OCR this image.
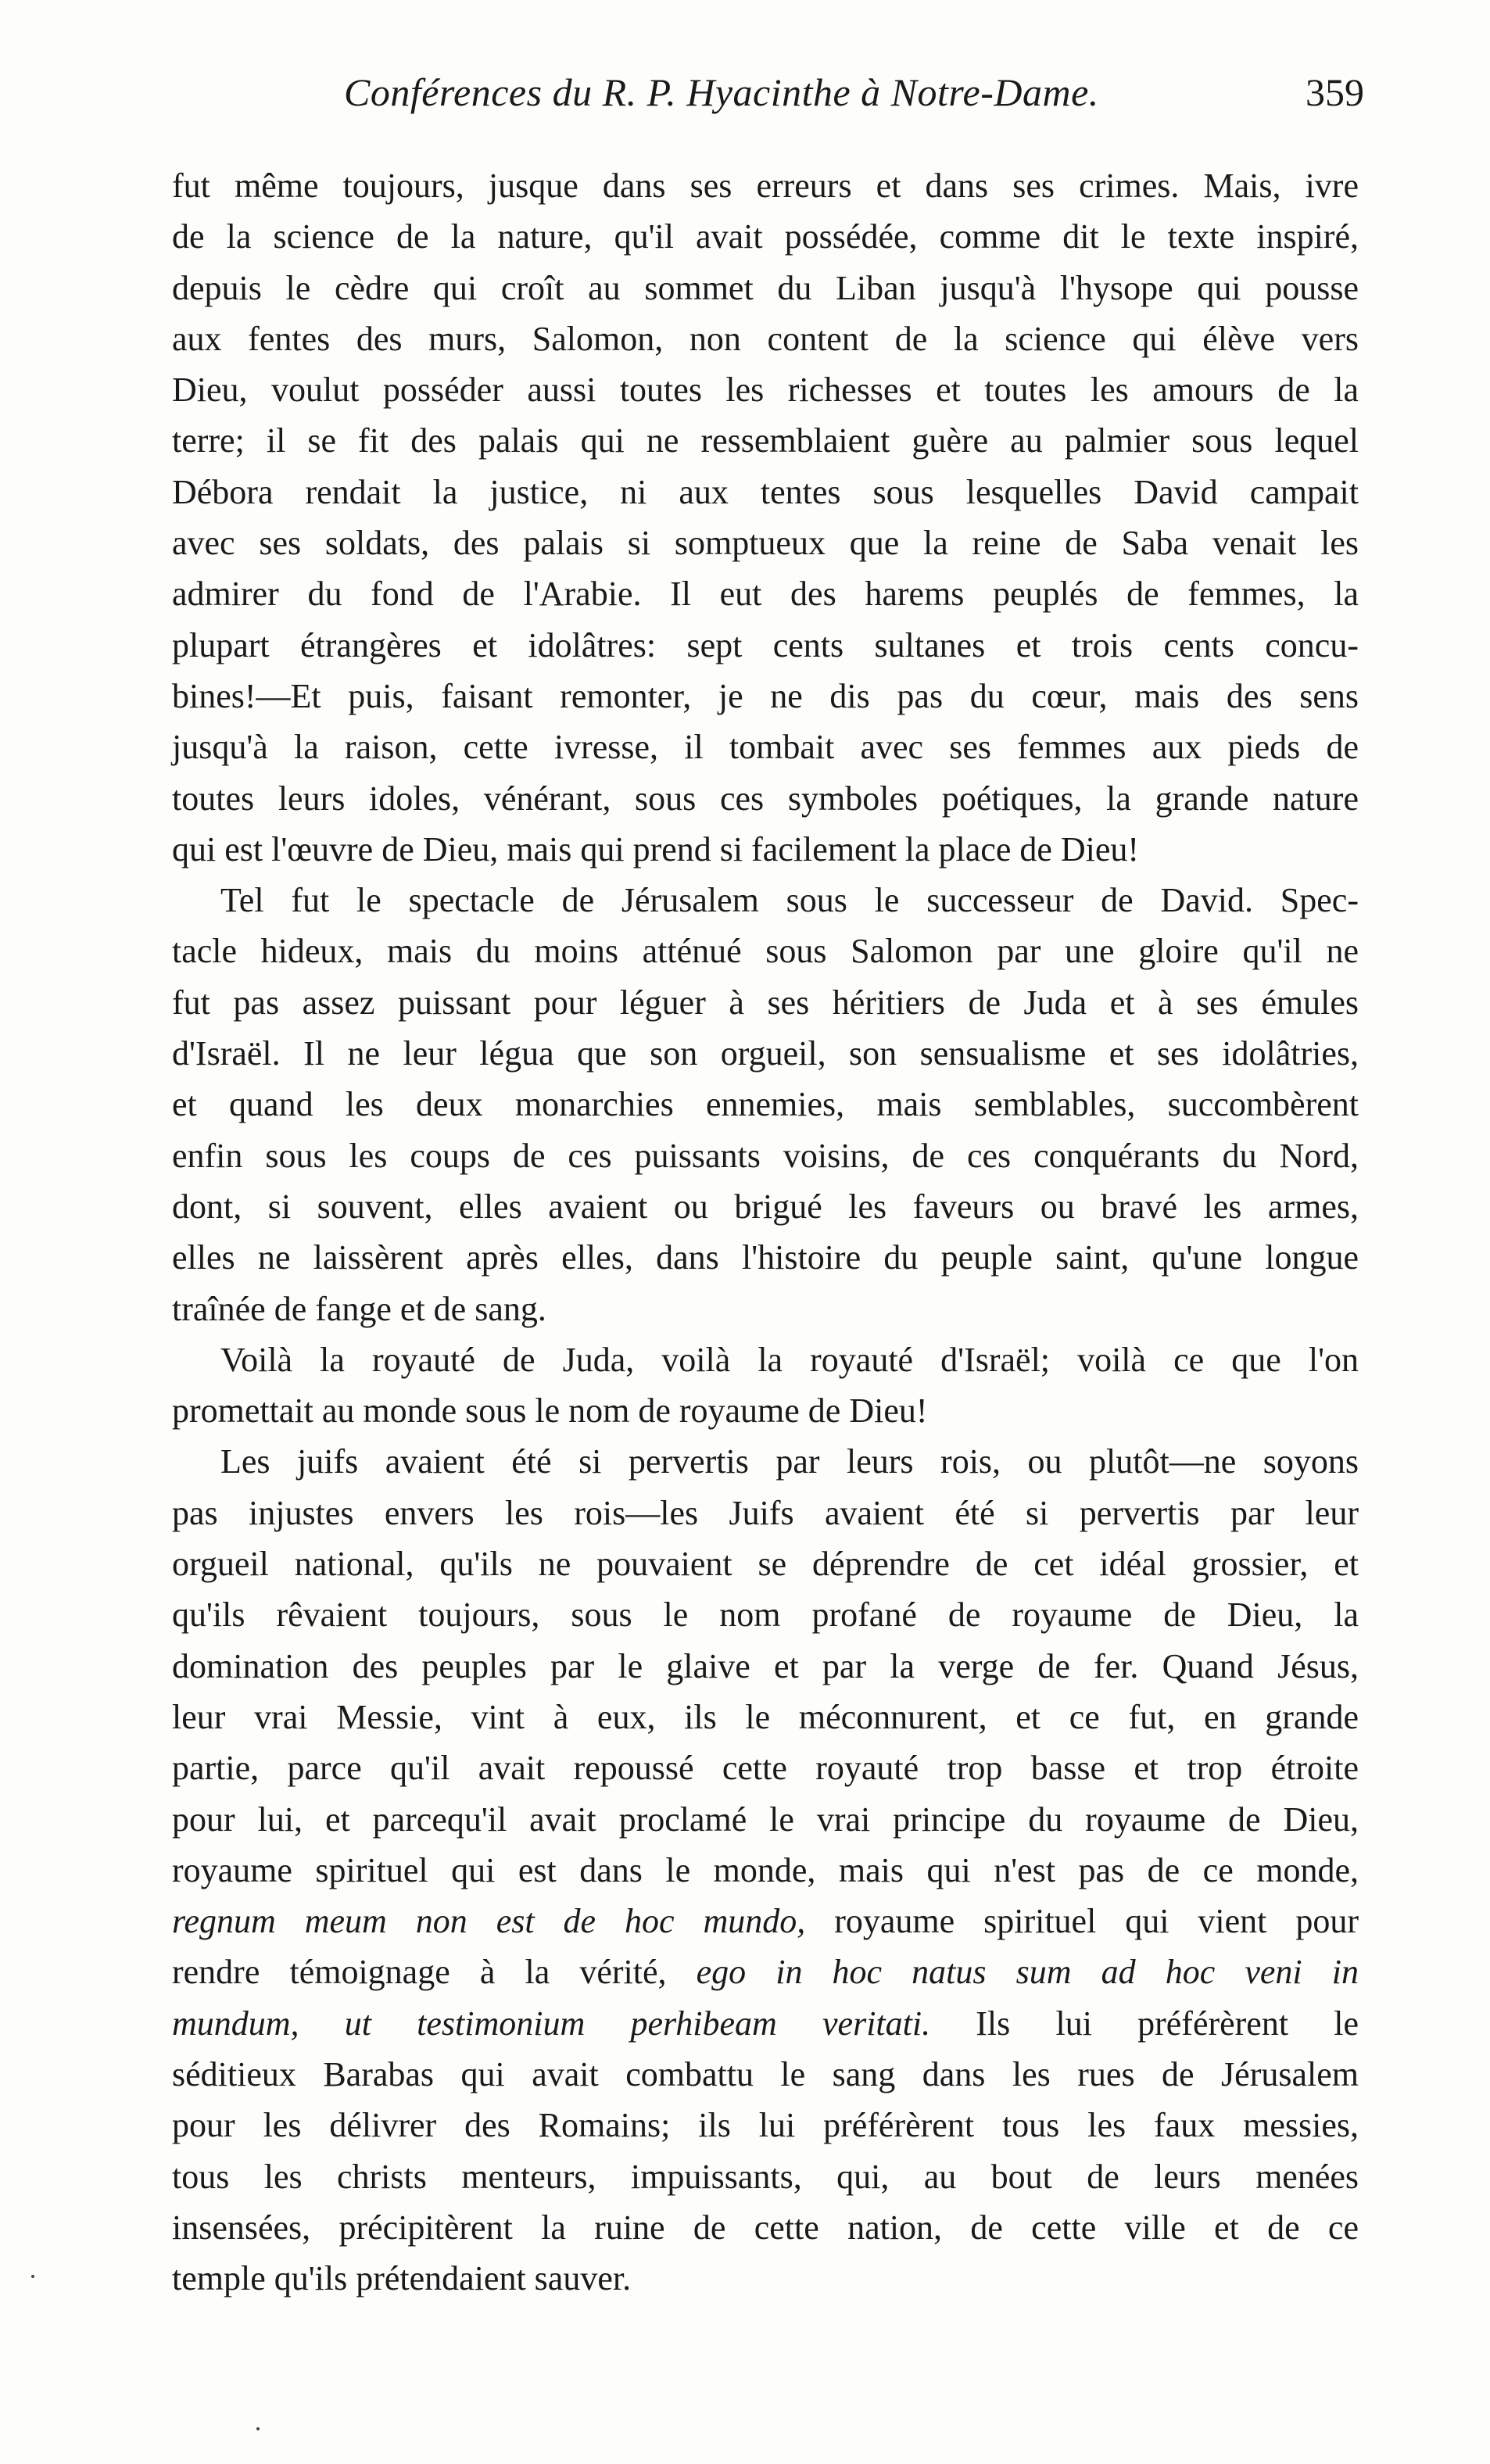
Conférences du R. P. Hyacinthe à Notre-Dame.	359
fut même toujours, jusque dans ses erreurs et dans ses crimes. Mais, ivre
de la science de la nature, qu'il avait possédée, comme dit le texte inspiré,
depuis le cèdre qui croît au sommet du Liban jusqu'à l'hysope qui pousse
aux fentes des murs, Salomon, non content de la science qui élève vers
Dieu, voulut posséder aussi toutes les richesses et toutes les amours de la
terre; il se fit des palais qui ne ressemblaient guère au palmier sous lequel
Débora rendait la justice, ni aux tentes sous lesquelles David campait
avec ses soldats, des palais si somptueux que la reine de Saba venait les
admirer du fond de l'Arabie. Il eut des harems peuplés de femmes, la
plupart étrangères et idolâtres: sept cents sultanes et trois cents concu-
bines!—Et puis, faisant remonter, je ne dis pas du cœur, mais des sens
jusqu'à la raison, cette ivresse, il tombait avec ses femmes aux pieds de
toutes leurs idoles, vénérant, sous ces symboles poétiques, la grande nature
qui est l'œuvre de Dieu, mais qui prend si facilement la place de Dieu!
Tel fut le spectacle de Jérusalem sous le successeur de David. Spec-
tacle hideux, mais du moins atténué sous Salomon par une gloire qu'il ne
fut pas assez puissant pour léguer à ses héritiers de Juda et à ses émules
d'Israël. Il ne leur légua que son orgueil, son sensualisme et ses idolâtries,
et quand les deux monarchies ennemies, mais semblables, succombèrent
enfin sous les coups de ces puissants voisins, de ces conquérants du Nord,
dont, si souvent, elles avaient ou brigué les faveurs ou bravé les armes,
elles ne laissèrent après elles, dans l'histoire du peuple saint, qu'une longue
traînée de fange et de sang.
Voilà la royauté de Juda, voilà la royauté d'Israël; voilà ce que l'on
promettait au monde sous le nom de royaume de Dieu!
Les juifs avaient été si pervertis par leurs rois, ou plutôt—ne soyons
pas injustes envers les rois—les Juifs avaient été si pervertis par leur
orgueil national, qu'ils ne pouvaient se déprendre de cet idéal grossier, et
qu'ils rêvaient toujours, sous le nom profané de royaume de Dieu, la
domination des peuples par le glaive et par la verge de fer. Quand Jésus,
leur vrai Messie, vint à eux, ils le méconnurent, et ce fut, en grande
partie, parce qu'il avait repoussé cette royauté trop basse et trop étroite
pour lui, et parcequ'il avait proclamé le vrai principe du royaume de Dieu,
royaume spirituel qui est dans le monde, mais qui n'est pas de ce monde,
regnum meum non est de hoc mundo, royaume spirituel qui vient pour
rendre témoignage à la vérité, ego in hoc natus sum ad hoc veni in
mundum, ut testimonium perhibeam veritati. Ils lui préférèrent le
séditieux Barabas qui avait combattu le sang dans les rues de Jérusalem
pour les délivrer des Romains; ils lui préférèrent tous les faux messies,
tous les christs menteurs, impuissants, qui, au bout de leurs menées
insensées, précipitèrent la ruine de cette nation, de cette ville et de ce
temple qu'ils prétendaient sauver.
